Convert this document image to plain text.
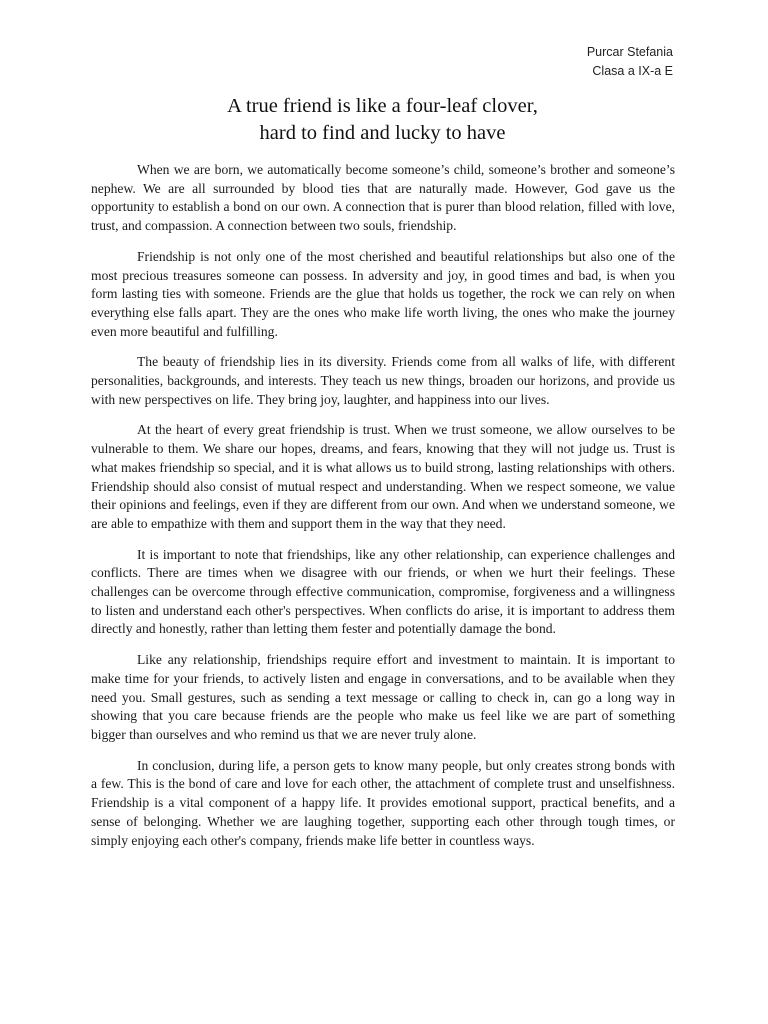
Purcar Stefania
Clasa a IX-a E
A true friend is like a four-leaf clover,
hard to find and lucky to have

When we are born, we automatically become someone’s child, someone’s brother and someone’s nephew. We are all surrounded by blood ties that are naturally made. However, God gave us the opportunity to establish a bond on our own. A connection that is purer than blood relation, filled with love, trust, and compassion. A connection between two souls, friendship.

Friendship is not only one of the most cherished and beautiful relationships but also one of the most precious treasures someone can possess. In adversity and joy, in good times and bad, is when you form lasting ties with someone. Friends are the glue that holds us together, the rock we can rely on when everything else falls apart. They are the ones who make life worth living, the ones who make the journey even more beautiful and fulfilling.

The beauty of friendship lies in its diversity. Friends come from all walks of life, with different personalities, backgrounds, and interests. They teach us new things, broaden our horizons, and provide us with new perspectives on life. They bring joy, laughter, and happiness into our lives.

At the heart of every great friendship is trust. When we trust someone, we allow ourselves to be vulnerable to them. We share our hopes, dreams, and fears, knowing that they will not judge us. Trust is what makes friendship so special, and it is what allows us to build strong, lasting relationships with others. Friendship should also consist of mutual respect and understanding. When we respect someone, we value their opinions and feelings, even if they are different from our own. And when we understand someone, we are able to empathize with them and support them in the way that they need.

It is important to note that friendships, like any other relationship, can experience challenges and conflicts. There are times when we disagree with our friends, or when we hurt their feelings. These challenges can be overcome through effective communication, compromise, forgiveness and a willingness to listen and understand each other's perspectives. When conflicts do arise, it is important to address them directly and honestly, rather than letting them fester and potentially damage the bond.

Like any relationship, friendships require effort and investment to maintain. It is important to make time for your friends, to actively listen and engage in conversations, and to be available when they need you. Small gestures, such as sending a text message or calling to check in, can go a long way in showing that you care because friends are the people who make us feel like we are part of something bigger than ourselves and who remind us that we are never truly alone.

In conclusion, during life, a person gets to know many people, but only creates strong bonds with a few. This is the bond of care and love for each other, the attachment of complete trust and unselfishness. Friendship is a vital component of a happy life. It provides emotional support, practical benefits, and a sense of belonging. Whether we are laughing together, supporting each other through tough times, or simply enjoying each other's company, friends make life better in countless ways.
